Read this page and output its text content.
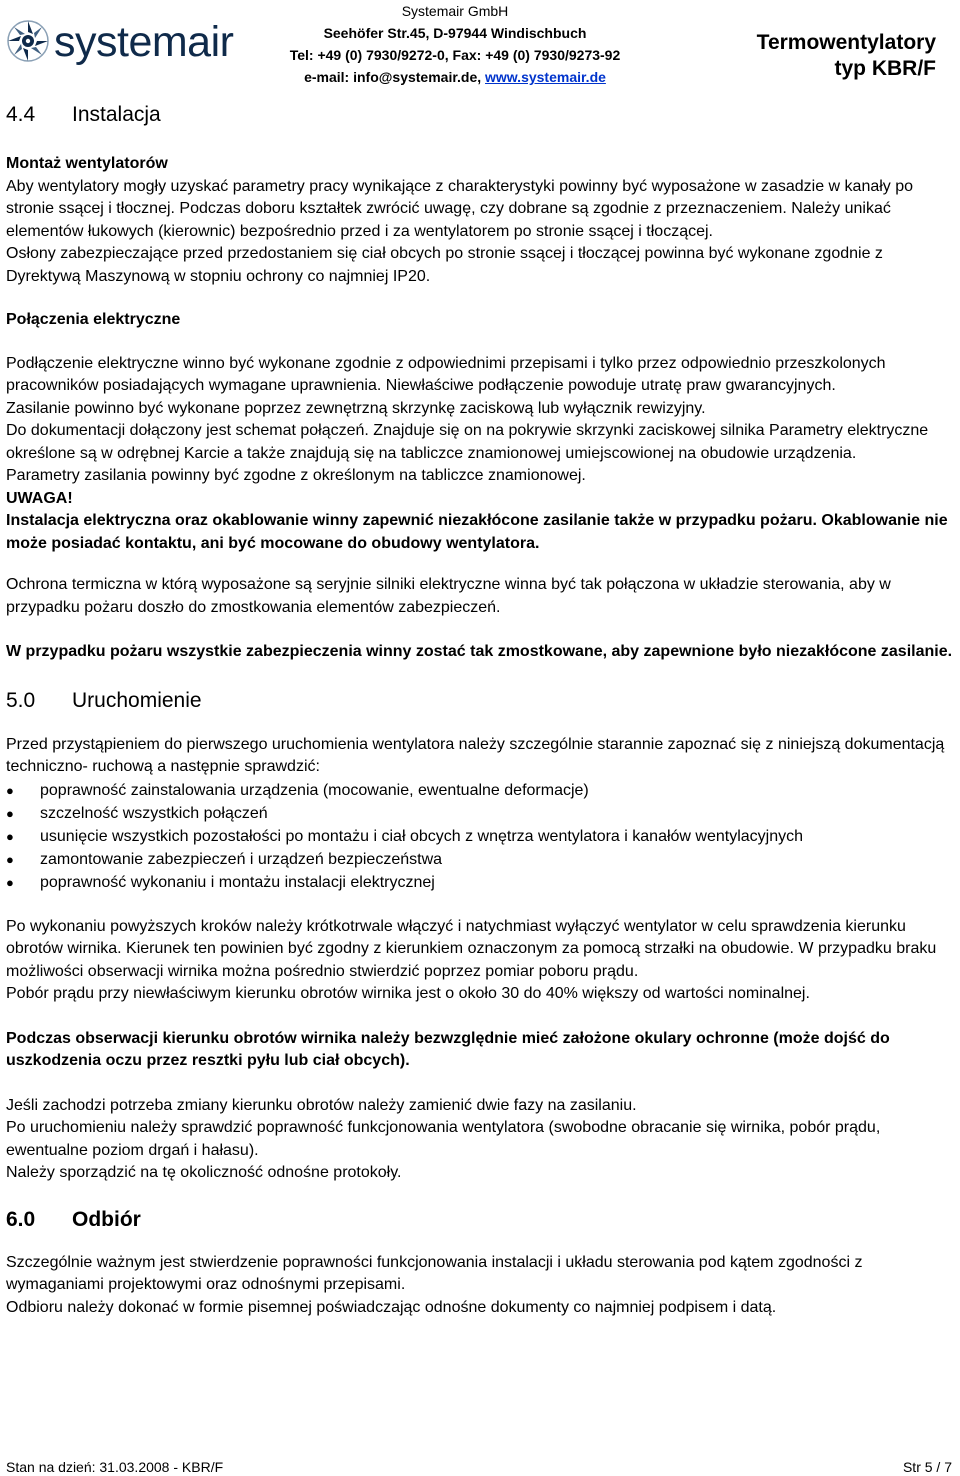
systemair
Systemair GmbH
Seehöfer Str.45, D-97944 Windischbuch
Tel: +49 (0) 7930/9272-0, Fax: +49 (0) 7930/9273-92
e-mail: info@systemair.de, www.systemair.de
Termowentylatory
typ KBR/F
4.4	Instalacja

Montaż wentylatorów

Aby wentylatory mogły uzyskać parametry pracy wynikające z charakterystyki powinny być wyposażone w zasadzie w kanały po stronie ssącej i tłocznej. Podczas doboru kształtek zwrócić uwagę, czy dobrane są zgodnie z przeznaczeniem. Należy unikać elementów łukowych (kierownic) bezpośrednio przed i za wentylatorem po stronie ssącej i tłoczącej.

Osłony zabezpieczające przed przedostaniem się ciał obcych po stronie ssącej i tłoczącej powinna być wykonane zgodnie z Dyrektywą Maszynową w stopniu ochrony co najmniej IP20.

Połączenia elektryczne

Podłączenie elektryczne winno być wykonane zgodnie z odpowiednimi przepisami i tylko przez odpowiednio przeszkolonych pracowników posiadających wymagane uprawnienia. Niewłaściwe podłączenie powoduje utratę praw gwarancyjnych.

Zasilanie powinno być wykonane poprzez zewnętrzną skrzynkę zaciskową lub wyłącznik rewizyjny.

Do dokumentacji dołączony jest schemat połączeń. Znajduje się on na pokrywie skrzynki zaciskowej silnika Parametry elektryczne określone są w odrębnej Karcie a także znajdują się na tabliczce znamionowej umiejscowionej na obudowie urządzenia.

Parametry zasilania powinny być zgodne z określonym na tabliczce znamionowej.

UWAGA!

Instalacja elektryczna oraz okablowanie winny zapewnić niezakłócone zasilanie także w przypadku pożaru. Okablowanie nie może posiadać kontaktu, ani być mocowane do obudowy wentylatora.

Ochrona termiczna w którą wyposażone są seryjnie silniki elektryczne winna być tak połączona w układzie sterowania, aby w przypadku pożaru doszło do zmostkowania elementów zabezpieczeń.

W przypadku pożaru wszystkie zabezpieczenia winny zostać tak zmostkowane, aby zapewnione było niezakłócone zasilanie.

5.0	Uruchomienie

Przed przystąpieniem do pierwszego uruchomienia wentylatora należy szczególnie starannie zapoznać się z niniejszą dokumentacją techniczno- ruchową a następnie sprawdzić:

● poprawność zainstalowania urządzenia (mocowanie, ewentualne deformacje)
● szczelność wszystkich połączeń
● usunięcie wszystkich pozostałości po montażu i ciał obcych z wnętrza wentylatora i kanałów wentylacyjnych
● zamontowanie zabezpieczeń i urządzeń bezpieczeństwa
● poprawność wykonaniu i montażu instalacji elektrycznej

Po wykonaniu powyższych kroków należy krótkotrwale włączyć i natychmiast wyłączyć wentylator w celu sprawdzenia kierunku obrotów wirnika. Kierunek ten powinien być zgodny z kierunkiem oznaczonym za pomocą strzałki na obudowie. W przypadku braku możliwości obserwacji wirnika można pośrednio stwierdzić poprzez pomiar poboru prądu.

Pobór prądu przy niewłaściwym kierunku obrotów wirnika jest o około 30 do 40% większy od wartości nominalnej.

Podczas obserwacji kierunku obrotów wirnika należy bezwzględnie mieć założone okulary ochronne (może dojść do uszkodzenia oczu przez resztki pyłu lub ciał obcych).

Jeśli zachodzi potrzeba zmiany kierunku obrotów należy zamienić dwie fazy na zasilaniu.

Po uruchomieniu należy sprawdzić poprawność funkcjonowania wentylatora (swobodne obracanie się wirnika, pobór prądu, ewentualne poziom drgań i hałasu).

Należy sporządzić na tę okoliczność odnośne protokoły.

6.0	Odbiór

Szczególnie ważnym jest stwierdzenie poprawności funkcjonowania instalacji i układu sterowania pod kątem zgodności z wymaganiami projektowymi oraz odnośnymi przepisami.

Odbioru należy dokonać w formie pisemnej poświadczając odnośne dokumenty co najmniej podpisem i datą.

Stan na dzień: 31.03.2008 - KBR/F	Str 5 / 7
